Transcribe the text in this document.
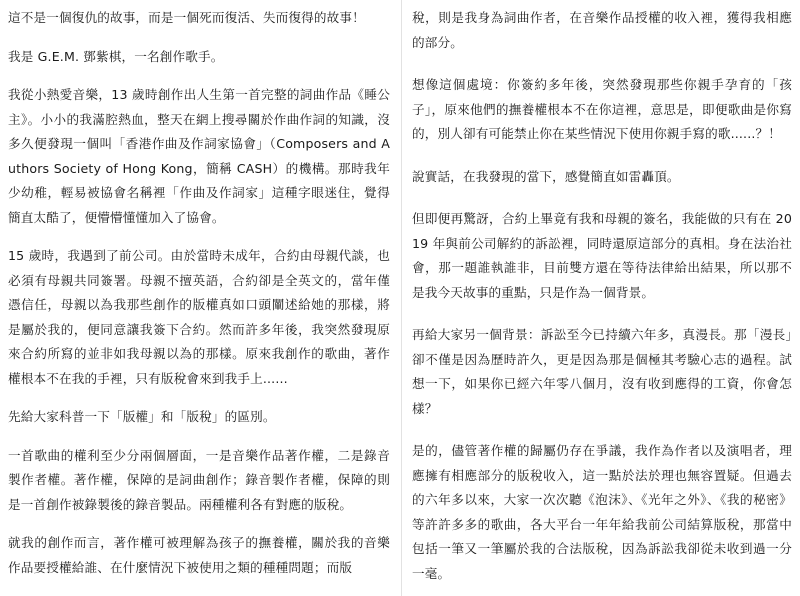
這不是一個復仇的故事，而是一個死而復活、失而復得的故事！

我是 G.E.M. 鄧紫棋，一名創作歌手。

我從小熱愛音樂，13 歲時創作出人生第一首完整的詞曲作品《睡公主》。小小的我滿腔熱血，整天在網上搜尋關於作曲作詞的知識，沒多久便發現一個叫「香港作曲及作詞家協會」（Composers and Authors Society of Hong Kong，簡稱 CASH）的機構。那時我年少幼稚，輕易被協會名稱裡「作曲及作詞家」這種字眼迷住，覺得簡直太酷了，便懵懵懂懂加入了協會。

15 歲時，我遇到了前公司。由於當時未成年，合約由母親代談，也必須有母親共同簽署。母親不擅英語，合約卻是全英文的，當年僅憑信任，母親以為我那些創作的版權真如口頭闡述給她的那樣，將是屬於我的，便同意讓我簽下合約。然而許多年後，我突然發現原來合約所寫的並非如我母親以為的那樣。原來我創作的歌曲，著作權根本不在我的手裡，只有版稅會來到我手上......

先給大家科普一下「版權」和「版稅」的區別。

一首歌曲的權利至少分兩個層面，一是音樂作品著作權，二是錄音製作者權。著作權，保障的是詞曲創作；錄音製作者權，保障的則是一首創作被錄製後的錄音製品。兩種權利各有對應的版稅。

就我的創作而言，著作權可被理解為孩子的撫養權，關於我的音樂作品要授權給誰、在什麼情況下被使用之類的種種問題；而版

稅，則是我身為詞曲作者，在音樂作品授權的收入裡，獲得我相應的部分。

想像這個處境：你簽約多年後，突然發現那些你親手孕育的「孩子」，原來他們的撫養權根本不在你這裡，意思是，即便歌曲是你寫的，別人卻有可能禁止你在某些情況下使用你親手寫的歌......？！

說實話，在我發現的當下，感覺簡直如雷轟頂。

但即便再驚訝，合約上畢竟有我和母親的簽名，我能做的只有在 2019 年與前公司解約的訴訟裡，同時還原這部分的真相。身在法治社會，那一題誰執誰非，目前雙方還在等待法律給出結果，所以那不是我今天故事的重點，只是作為一個背景。

再給大家另一個背景：訴訟至今已持續六年多，真漫長。那「漫長」卻不僅是因為歷時許久，更是因為那是個極其考驗心志的過程。試想一下，如果你已經六年零八個月，沒有收到應得的工資，你會怎樣？

是的，儘管著作權的歸屬仍存在爭議，我作為作者以及演唱者，理應擁有相應部分的版稅收入，這一點於法於理也無容置疑。但過去的六年多以來，大家一次次聽《泡沫》、《光年之外》、《我的秘密》等許許多多的歌曲，各大平台一年年給我前公司結算版稅，那當中包括一筆又一筆屬於我的合法版稅，因為訴訟我卻從未收到過一分一毫。
